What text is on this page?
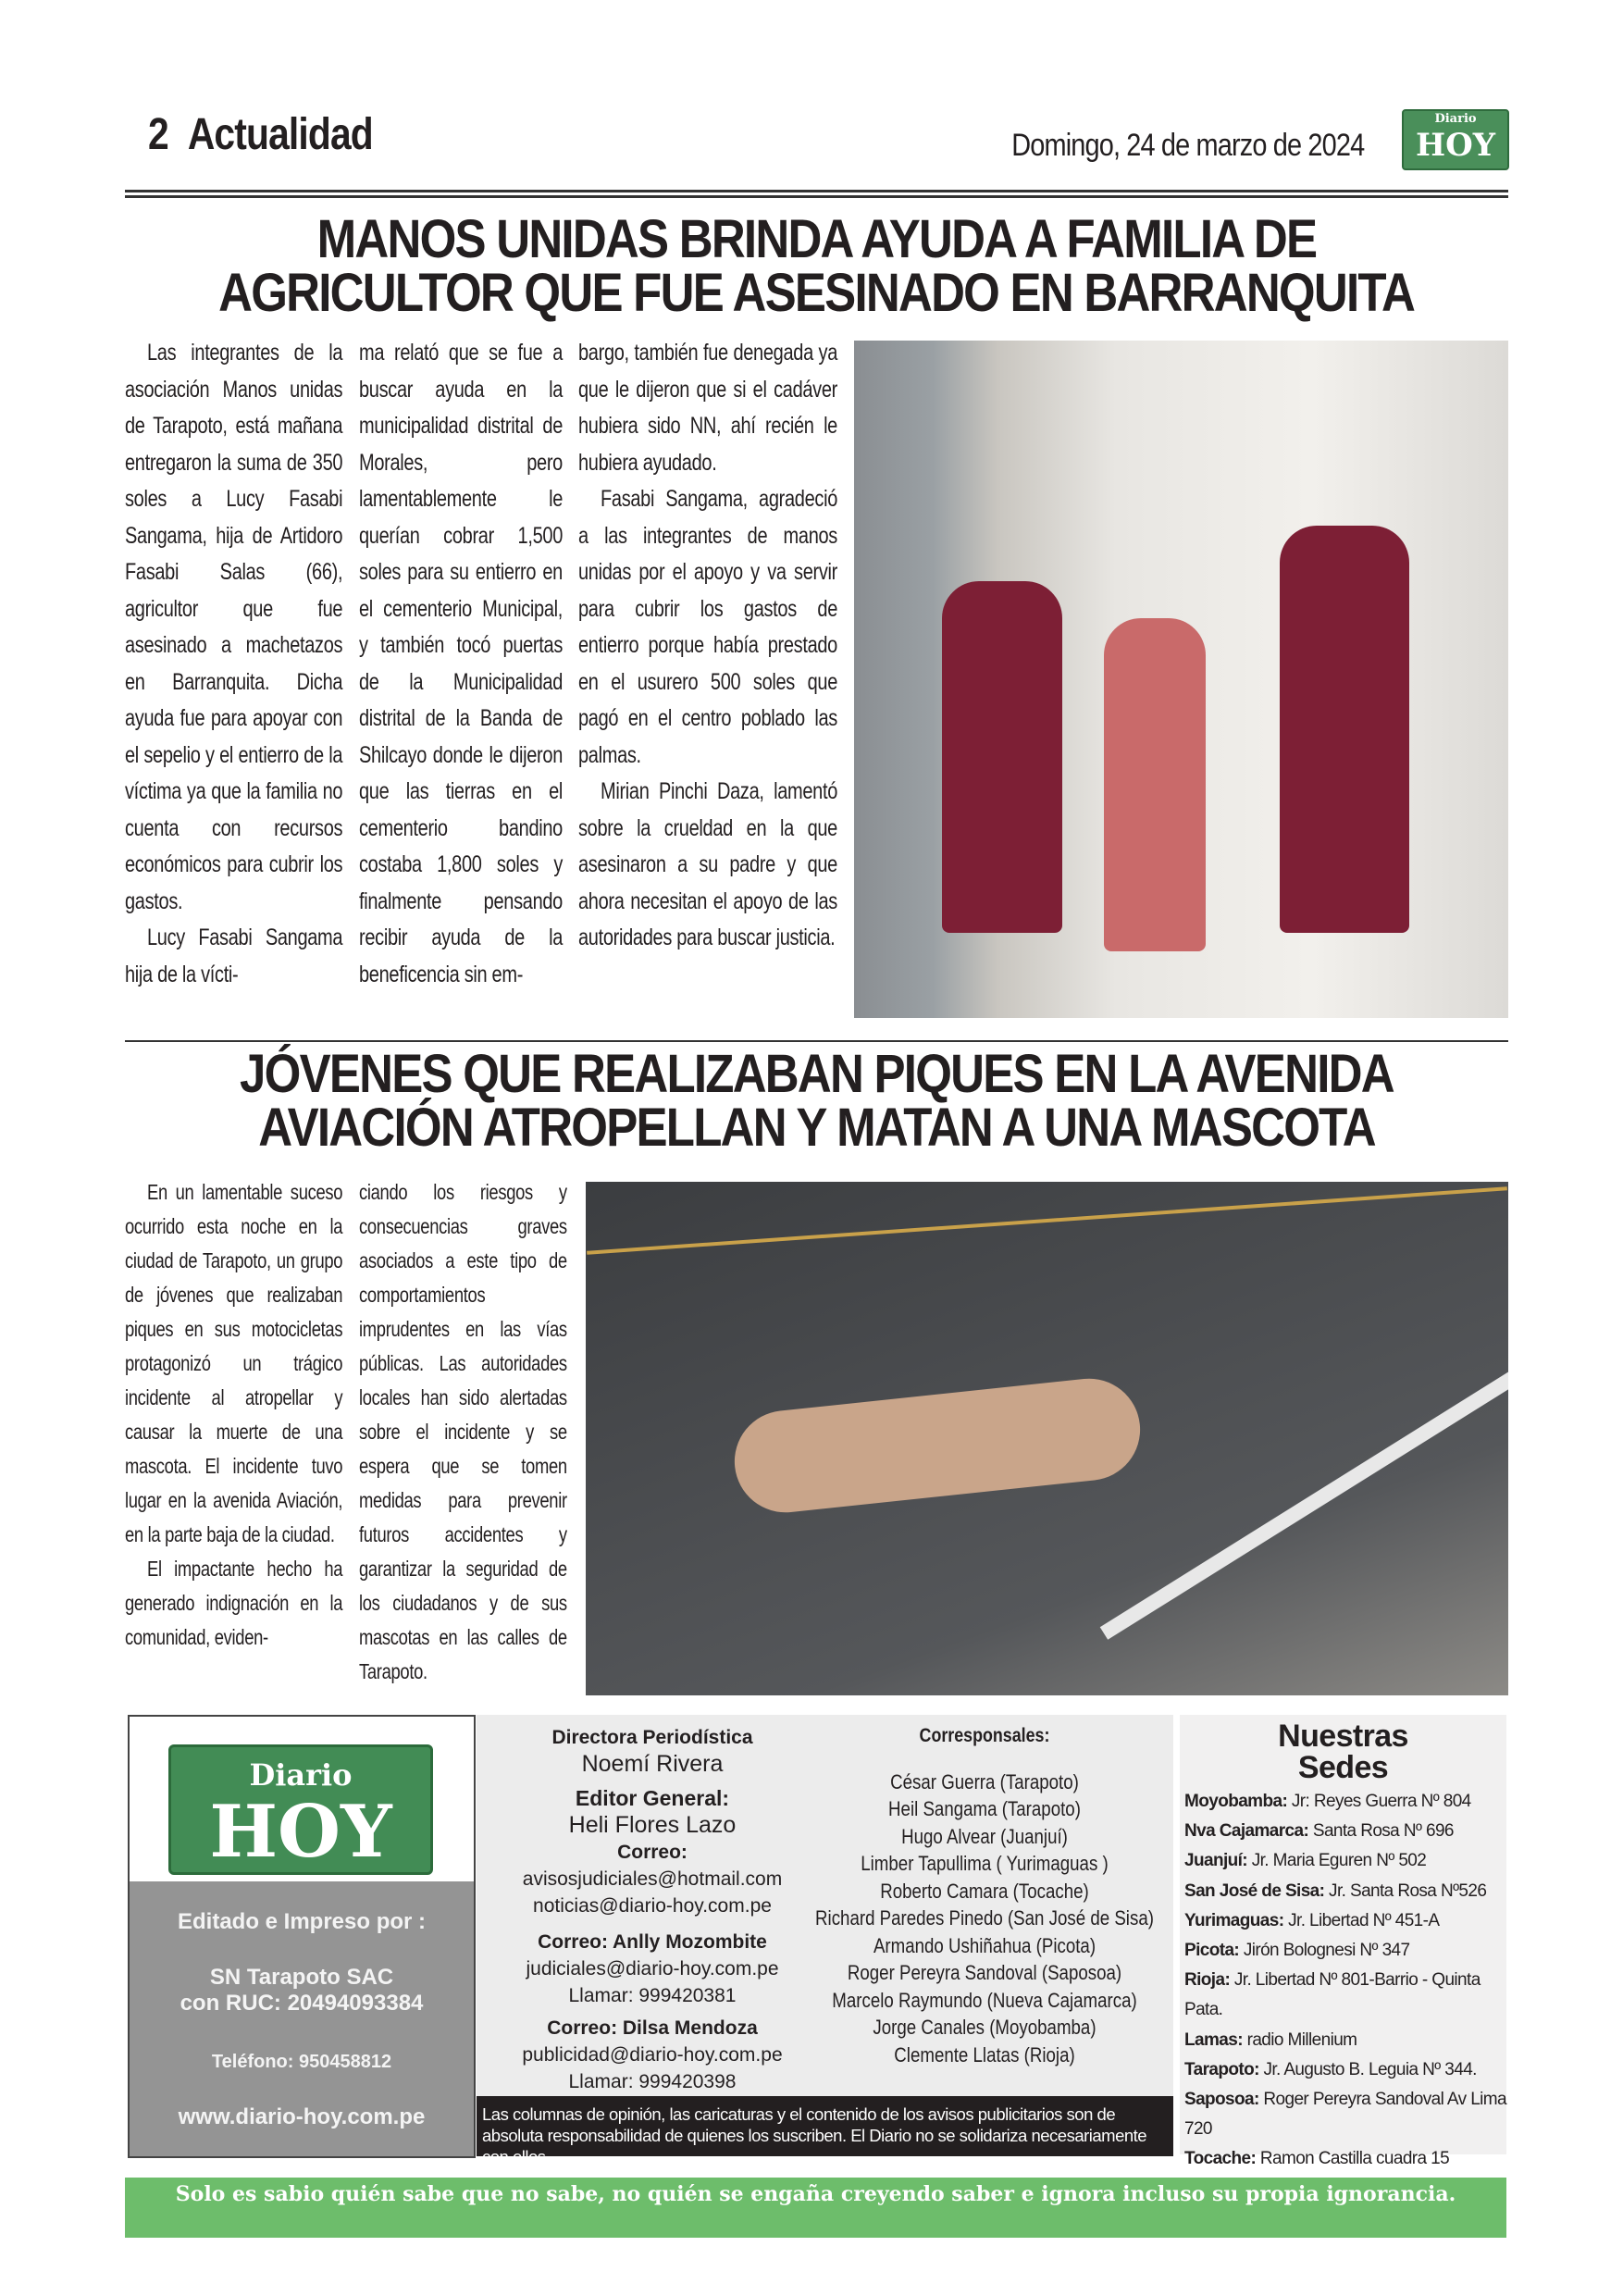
2 Actualidad	Domingo, 24 de marzo de 2024
Diario
HOY
MANOS UNIDAS BRINDA AYUDA A FAMILIA DE
AGRICULTOR QUE FUE ASESINADO EN BARRANQUITA

Las integrantes de la asociación Manos unidas de Tarapoto, está mañana entregaron la suma de 350 soles a Lucy Fasabi Sangama, hija de Artidoro Fasabi Salas (66), agricultor que fue asesinado a machetazos en Barranquita. Dicha ayuda fue para apoyar con el sepelio y el entierro de la víctima ya que la familia no cuenta con recursos económicos para cubrir los gastos.

Lucy Fasabi Sangama hija de la vícti-

ma relató que se fue a buscar ayuda en la municipalidad distrital de Morales, pero lamentablemente le querían cobrar 1,500 soles para su entierro en el cementerio Municipal, y también tocó puertas de la Municipalidad distrital de la Banda de Shilcayo donde le dijeron que las tierras en el cementerio bandino costaba 1,800 soles y finalmente pensando recibir ayuda de la beneficencia sin em-

bargo, también fue denegada ya que le dijeron que si el cadáver hubiera sido NN, ahí recién le hubiera ayudado.

Fasabi Sangama, agradeció a las integrantes de manos unidas por el apoyo y va servir para cubrir los gastos de entierro porque había prestado en el usurero 500 soles que pagó en el centro poblado las palmas.

Mirian Pinchi Daza, lamentó sobre la crueldad en la que asesinaron a su padre y que ahora necesitan el apoyo de las autoridades para buscar justicia.

JÓVENES QUE REALIZABAN PIQUES EN LA AVENIDA
AVIACIÓN ATROPELLAN Y MATAN A UNA MASCOTA

En un lamentable suceso ocurrido esta noche en la ciudad de Tarapoto, un grupo de jóvenes que realizaban piques en sus motocicletas protagonizó un trágico incidente al atropellar y causar la muerte de una mascota. El incidente tuvo lugar en la avenida Aviación, en la parte baja de la ciudad.

El impactante hecho ha generado indignación en la comunidad, eviden-

ciando los riesgos y consecuencias graves asociados a este tipo de comportamientos imprudentes en las vías públicas. Las autoridades locales han sido alertadas sobre el incidente y se espera que se tomen medidas para prevenir futuros accidentes y garantizar la seguridad de los ciudadanos y de sus mascotas en las calles de Tarapoto.

Diario
HOY
Editado e Impreso por :
SN Tarapoto SAC
con RUC: 20494093384
Teléfono: 950458812
www.diario-hoy.com.pe
Directora Periodística
Noemí Rivera
Editor General:
Heli Flores Lazo
Correo:
avisosjudiciales@hotmail.com
noticias@diario-hoy.com.pe
Correo: Anlly Mozombite
judiciales@diario-hoy.com.pe
Llamar: 999420381
Correo: Dilsa Mendoza
publicidad@diario-hoy.com.pe
Llamar: 999420398
Corresponsales:
César Guerra (Tarapoto)
Heil Sangama (Tarapoto)
Hugo Alvear (Juanjuí)
Limber Tapullima ( Yurimaguas )
Roberto Camara (Tocache)
Richard Paredes Pinedo (San José de Sisa)
Armando Ushiñahua (Picota)
Roger Pereyra Sandoval (Saposoa)
Marcelo Raymundo (Nueva Cajamarca)
Jorge Canales (Moyobamba)
Clemente Llatas (Rioja)
Las columnas de opinión, las caricaturas y el contenido de los avisos publicitarios son de absoluta responsabilidad de quienes los suscriben. El Diario no se solidariza necesariamente con ellos.
Nuestras
Sedes
Moyobamba: Jr: Reyes Guerra Nº 804
Nva Cajamarca: Santa Rosa Nº 696
Juanjuí: Jr. Maria Eguren Nº 502
San José de Sisa: Jr. Santa Rosa Nº526
Yurimaguas: Jr. Libertad Nº 451-A
Picota: Jirón Bolognesi Nº 347
Rioja: Jr. Libertad Nº 801-Barrio - Quinta Pata.
Lamas: radio Millenium
Tarapoto: Jr. Augusto B. Leguia Nº 344.
Saposoa: Roger Pereyra Sandoval Av Lima 720
Tocache: Ramon Castilla cuadra 15
Solo es sabio quién sabe que no sabe, no quién se engaña creyendo saber e ignora incluso su propia ignorancia.
